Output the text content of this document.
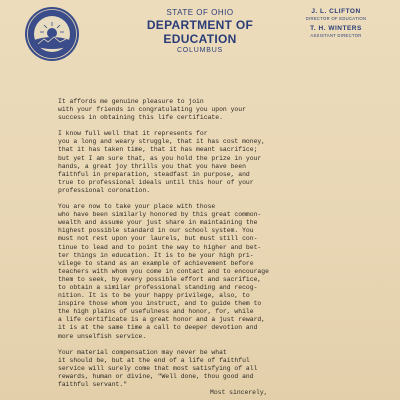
STATE OF OHIO
DEPARTMENT OF EDUCATION
COLUMBUS
J. L. CLIFTON
DIRECTOR OF EDUCATION
T. H. WINTERS
ASSISTANT DIRECTOR

It affords me genuine pleasure to join
with your friends in congratulating you upon your
success in obtaining this life certificate.

I know full well that it represents for
you a long and weary struggle, that it has cost money,
that it has taken time, that it has meant sacrifice;
but yet I am sure that, as you hold the prize in your
hands, a great joy thrills you that you have been
faithful in preparation, steadfast in purpose, and
true to professional ideals until this hour of your
professional coronation.

You are now to take your place with those
who have been similarly honored by this great common-
wealth and assume your just share in maintaining the
highest possible standard in our school system. You
must not rest upon your laurels, but must still con-
tinue to lead and to point the way to higher and bet-
ter things in education. It is to be your high pri-
vilege to stand as an example of achievement before
teachers with whom you come in contact and to encourage
them to seek, by every possible effort and sacrifice,
to obtain a similar professional standing and recog-
nition. It is to be your happy privilege, also, to
inspire those whom you instruct, and to guide them to
the high plains of usefulness and honor, for, while
a life certificate is a great honor and a just reward,
it is at the same time a call to deeper devotion and
more unselfish service.

Your material compensation may never be what
it should be, but at the end of a life of faithful
service will surely come that most satisfying of all
rewards, human or divine, "Well done, thou good and
faithful servant."

Most sincerely,
